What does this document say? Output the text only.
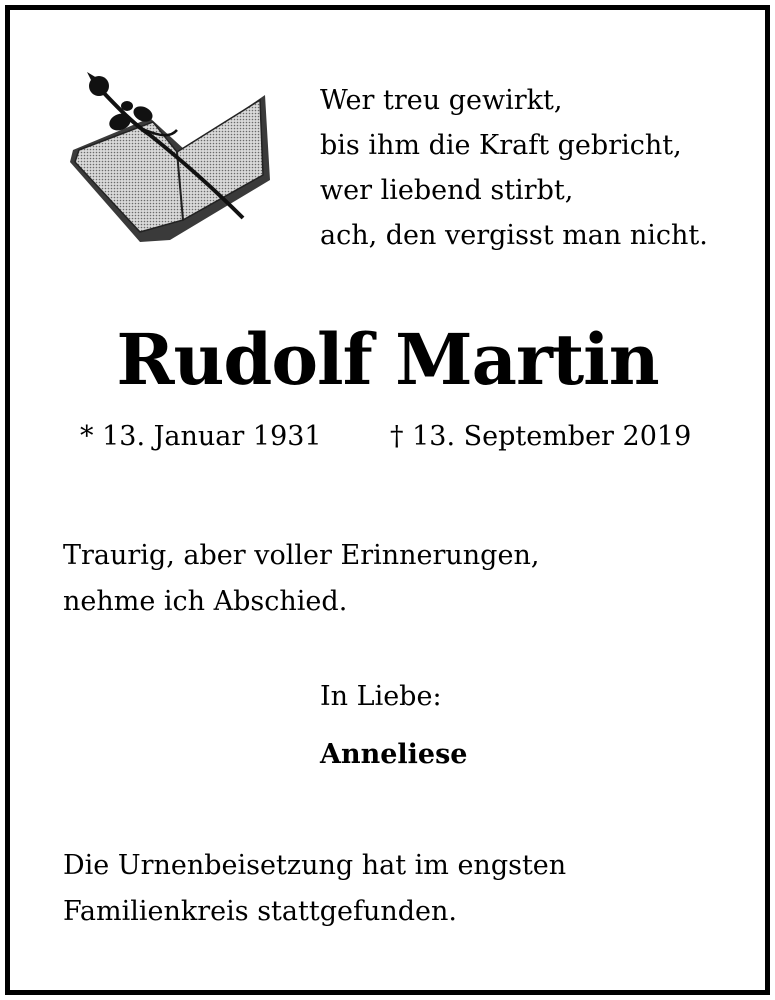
Wer treu gewirkt,
bis ihm die Kraft gebricht,
wer liebend stirbt,
ach, den vergisst man nicht.
Rudolf Martin
* 13. Januar 1931	† 13. September 2019
Traurig, aber voller Erinnerungen,
nehme ich Abschied.
In Liebe:
Anneliese
Die Urnenbeisetzung hat im engsten
Familienkreis stattgefunden.
